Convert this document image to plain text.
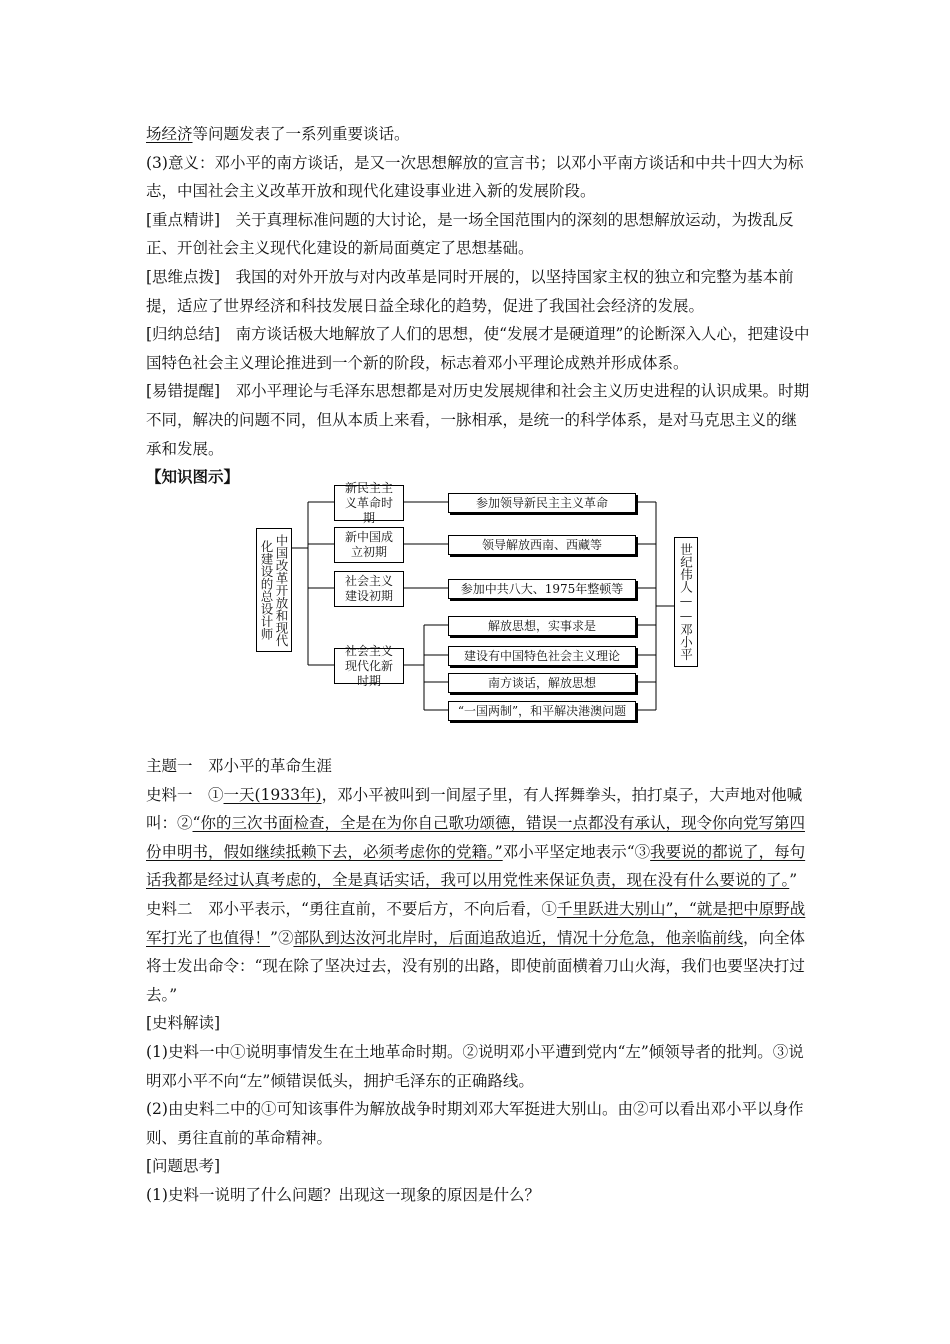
场经济等问题发表了一系列重要谈话。

(3)意义：邓小平的南方谈话，是又一次思想解放的宣言书；以邓小平南方谈话和中共十四大为标志，中国社会主义改革开放和现代化建设事业进入新的发展阶段。

[重点精讲]　关于真理标准问题的大讨论，是一场全国范围内的深刻的思想解放运动，为拨乱反正、开创社会主义现代化建设的新局面奠定了思想基础。

[思维点拨]　我国的对外开放与对内改革是同时开展的，以坚持国家主权的独立和完整为基本前提，适应了世界经济和科技发展日益全球化的趋势，促进了我国社会经济的发展。

[归纳总结]　南方谈话极大地解放了人们的思想，使“发展才是硬道理”的论断深入人心，把建设中国特色社会主义理论推进到一个新的阶段，标志着邓小平理论成熟并形成体系。

[易错提醒]　邓小平理论与毛泽东思想都是对历史发展规律和社会主义历史进程的认识成果。时期不同，解决的问题不同，但从本质上来看，一脉相承，是统一的科学体系，是对马克思主义的继承和发展。

【知识图示】

中国改革开放和现代化建设的总设计师
新民主主义革命时期
新中国成立初期
社会主义建设初期
社会主义现代化新时期
参加领导新民主主义革命
领导解放西南、西藏等
参加中共八大、1975年整顿等
解放思想，实事求是
建设有中国特色社会主义理论
南方谈话，解放思想
“一国两制”，和平解决港澳问题
世纪伟人——邓小平

主题一　邓小平的革命生涯

史料一　①一天(1933年)，邓小平被叫到一间屋子里，有人挥舞拳头，拍打桌子，大声地对他喊叫：②“你的三次书面检查，全是在为你自己歌功颂德，错误一点都没有承认，现令你向党写第四份申明书，假如继续抵赖下去，必须考虑你的党籍。”邓小平坚定地表示“③我要说的都说了，每句话我都是经过认真考虑的，全是真话实话，我可以用党性来保证负责，现在没有什么要说的了。”

史料二　邓小平表示，“勇往直前，不要后方，不向后看，①千里跃进大别山”，“就是把中原野战军打光了也值得！”②部队到达汝河北岸时，后面追敌追近，情况十分危急，他亲临前线，向全体将士发出命令：“现在除了坚决过去，没有别的出路，即使前面横着刀山火海，我们也要坚决打过去。”

[史料解读]

(1)史料一中①说明事情发生在土地革命时期。②说明邓小平遭到党内“左”倾领导者的批判。③说明邓小平不向“左”倾错误低头，拥护毛泽东的正确路线。

(2)由史料二中的①可知该事件为解放战争时期刘邓大军挺进大别山。由②可以看出邓小平以身作则、勇往直前的革命精神。

[问题思考]

(1)史料一说明了什么问题？出现这一现象的原因是什么？
